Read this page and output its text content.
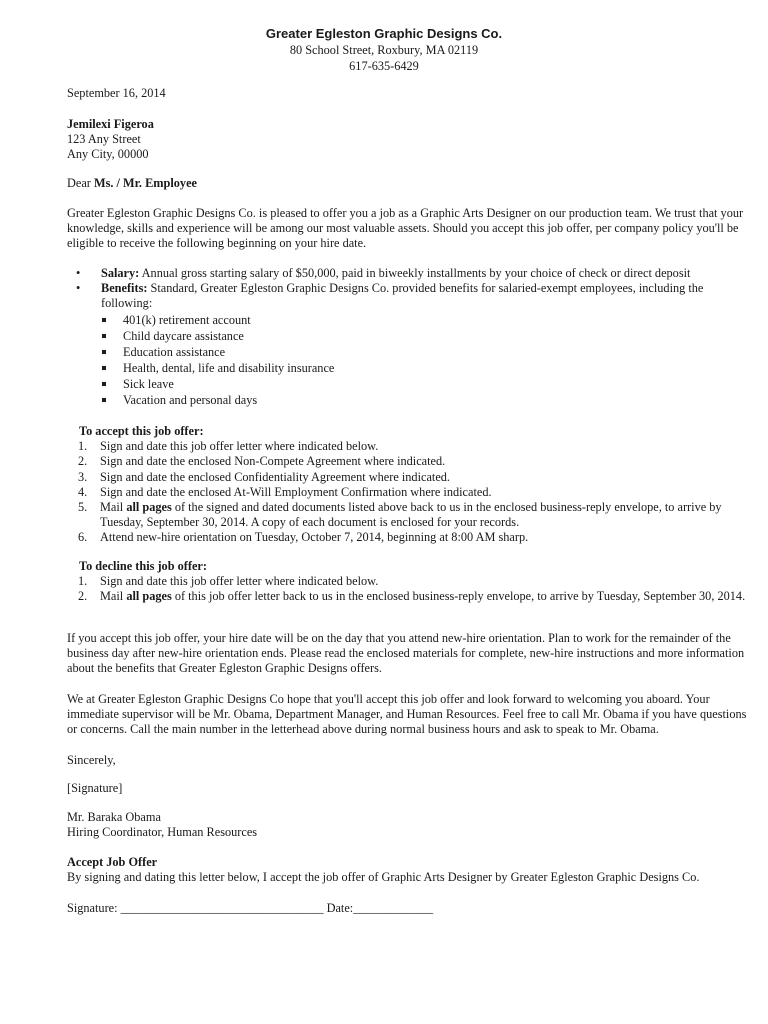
Greater Egleston Graphic Designs Co.
80 School Street, Roxbury, MA 02119
617-635-6429
September 16, 2014
Jemilexi Figeroa
123 Any Street
Any City, 00000
Dear Ms. / Mr. Employee

Greater Egleston Graphic Designs Co. is pleased to offer you a job as a Graphic Arts Designer on our production team. We trust that your knowledge, skills and experience will be among our most valuable assets. Should you accept this job offer, per company policy you'll be eligible to receive the following beginning on your hire date.

• Salary: Annual gross starting salary of $50,000, paid in biweekly installments by your choice of check or direct deposit
• Benefits: Standard, Greater Egleston Graphic Designs Co. provided benefits for salaried-exempt employees, including the following:
401(k) retirement account
Child daycare assistance
Education assistance
Health, dental, life and disability insurance
Sick leave
Vacation and personal days
To accept this job offer:
1. Sign and date this job offer letter where indicated below.
2. Sign and date the enclosed Non-Compete Agreement where indicated.
3. Sign and date the enclosed Confidentiality Agreement where indicated.
4. Sign and date the enclosed At-Will Employment Confirmation where indicated.
5. Mail all pages of the signed and dated documents listed above back to us in the enclosed business-reply envelope, to arrive by Tuesday, September 30, 2014. A copy of each document is enclosed for your records.
6. Attend new-hire orientation on Tuesday, October 7, 2014, beginning at 8:00 AM sharp.
To decline this job offer:
1. Sign and date this job offer letter where indicated below.
2. Mail all pages of this job offer letter back to us in the enclosed business-reply envelope, to arrive by Tuesday, September 30, 2014.

If you accept this job offer, your hire date will be on the day that you attend new-hire orientation. Plan to work for the remainder of the business day after new-hire orientation ends. Please read the enclosed materials for complete, new-hire instructions and more information about the benefits that Greater Egleston Graphic Designs offers.

We at Greater Egleston Graphic Designs Co hope that you'll accept this job offer and look forward to welcoming you aboard. Your immediate supervisor will be Mr. Obama, Department Manager, and Human Resources. Feel free to call Mr. Obama if you have questions or concerns. Call the main number in the letterhead above during normal business hours and ask to speak to Mr. Obama.

Sincerely,
[Signature]
Mr. Baraka Obama
Hiring Coordinator, Human Resources
Accept Job Offer
By signing and dating this letter below, I accept the job offer of Graphic Arts Designer by Greater Egleston Graphic Designs Co.
Signature: _________________________________ Date:_____________
